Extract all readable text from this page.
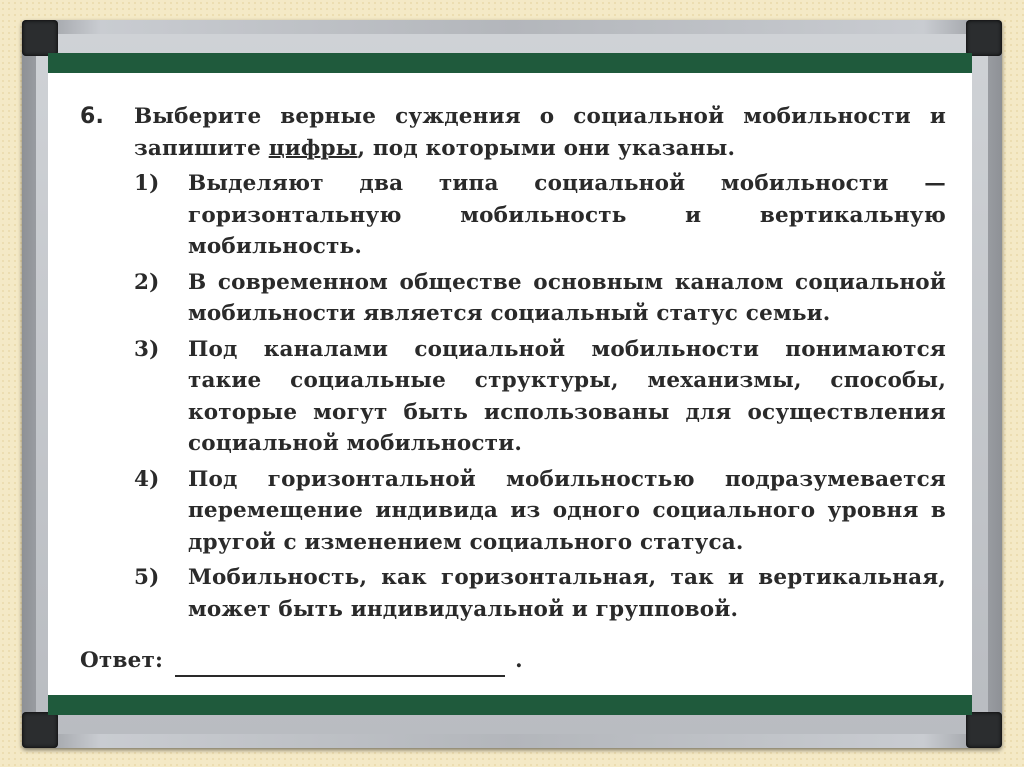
6.	Выберите верные суждения о социальной мобильности и запишите цифры, под которыми они указаны.
1)	Выделяют два типа социальной мобильности — горизонтальную мобильность и вертикальную мобильность.
2)	В современном обществе основным каналом социальной мобильности является социальный статус семьи.
3)	Под каналами социальной мобильности понимаются такие социальные структуры, механизмы, способы, которые могут быть использованы для осуществления социальной мобильности.
4)	Под горизонтальной мобильностью подразумевается перемещение индивида из одного социального уровня в другой с изменением социального статуса.
5)	Мобильность, как горизонтальная, так и вертикальная, может быть индивидуальной и групповой.
Ответ:	.
